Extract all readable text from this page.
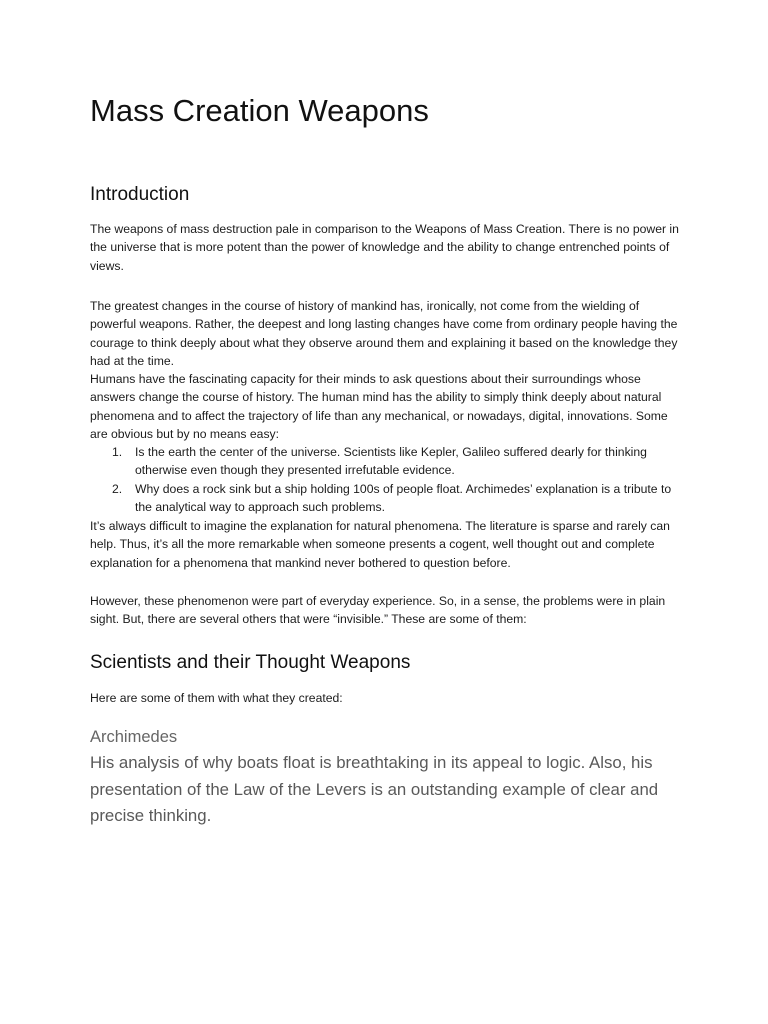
Mass Creation Weapons
Introduction

The weapons of mass destruction pale in comparison to the Weapons of Mass Creation. There is no power in the universe that is more potent than the power of knowledge and the ability to change entrenched points of views.

The greatest changes in the course of history of mankind has, ironically, not come from the wielding of powerful weapons. Rather, the deepest and long lasting changes have come from ordinary people having the courage to think deeply about what they observe around them and explaining it based on the knowledge they had at the time.

Humans have the fascinating capacity for their minds to ask questions about their surroundings whose answers change the course of history. The human mind has the ability to simply think deeply about natural phenomena and to affect the trajectory of life than any mechanical, or nowadays, digital, innovations. Some are obvious but by no means easy:

1. Is the earth the center of the universe. Scientists like Kepler, Galileo suffered dearly for thinking otherwise even though they presented irrefutable evidence.
2. Why does a rock sink but a ship holding 100s of people float. Archimedes’ explanation is a tribute to the analytical way to approach such problems.

It’s always difficult to imagine the explanation for natural phenomena. The literature is sparse and rarely can help. Thus, it’s all the more remarkable when someone presents a cogent, well thought out and complete explanation for a phenomena that mankind never bothered to question before.

However, these phenomenon were part of everyday experience. So, in a sense, the problems were in plain sight. But, there are several others that were “invisible.” These are some of them:

Scientists and their Thought Weapons

Here are some of them with what they created:

Archimedes

His analysis of why boats float is breathtaking in its appeal to logic. Also, his presentation of the Law of the Levers is an outstanding example of clear and precise thinking.
